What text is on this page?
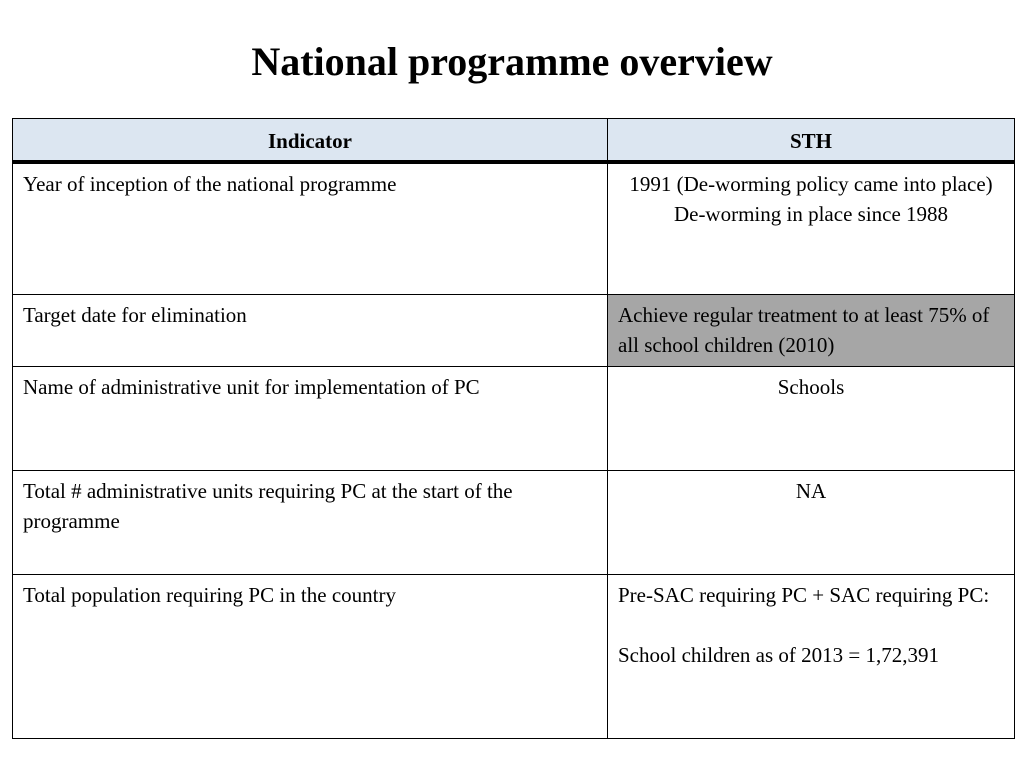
National programme overview
Indicator	STH
Year of inception of the national programme	1991 (De-worming policy came into place)
De-worming in place since 1988

Target date for elimination	Achieve regular treatment to at least 75% of all school children (2010)
Name of administrative unit for implementation of PC	Schools
Total # administrative units requiring PC at the start of the programme	NA
Total population requiring PC in the country	Pre-SAC requiring PC + SAC requiring PC:
School children as of 2013 = 1,72,391
